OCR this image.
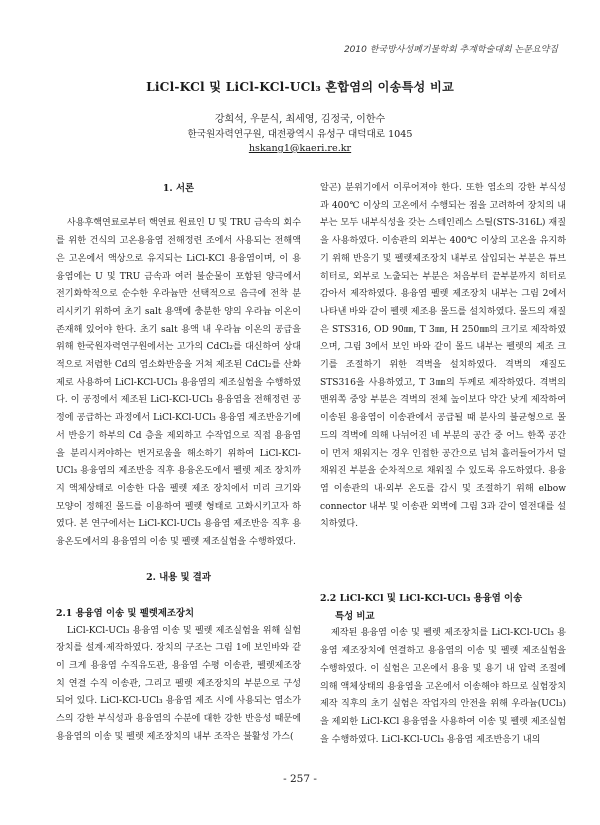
2010 한국방사성폐기물학회 추계학술대회 논문요약집
LiCl-KCl 및 LiCl-KCl-UCl₃ 혼합염의 이송특성 비교
강희석, 우문식, 최세영, 김정국, 이한수
한국원자력연구원, 대전광역시 유성구 대덕대로 1045
hskang1@kaeri.re.kr

1. 서론

사용후핵연료로부터 핵연료 원료인 U 및 TRU 금속의 회수를 위한 건식의 고온용융염 전해정련 조에서 사용되는 전해액은 고온에서 액상으로 유지되는 LiCl-KCl 용융염이며, 이 용융염에는 U 및 TRU 금속과 여러 불순물이 포함된 양극에서 전기화학적으로 순수한 우라늄만 선택적으로 음극에 전착 분리시키기 위하여 초기 salt 용액에 충분한 양의 우라늄 이온이 존재해 있어야 한다. 초기 salt 용액 내 우라늄 이온의 공급을 위해 한국원자력연구원에서는 고가의 CdCl₂를 대신하여 상대적으로 저렴한 Cd의 염소화반응을 거쳐 제조된 CdCl₂를 산화제로 사용하여 LiCl-KCl-UCl₃ 용융염의 제조실험을 수행하였다. 이 공정에서 제조된 LiCl-KCl-UCl₃ 용융염을 전해정련 공정에 공급하는 과정에서 LiCl-KCl-UCl₃ 용융염 제조반응기에서 반응기 하부의 Cd 층을 제외하고 수작업으로 직접 용융염을 분리시켜야하는 번거로움을 해소하기 위하여 LiCl-KCl-UCl₃ 용융염의 제조반응 직후 용융온도에서 펠렛 제조 장치까지 액체상태로 이송한 다음 펠렛 제조 장치에서 미리 크기와 모양이 정해진 몰드를 이용하여 펠렛 형태로 고화시키고자 하였다. 본 연구에서는 LiCl-KCl-UCl₃ 용융염 제조반응 직후 용융온도에서의 용융염의 이송 및 펠렛 제조실험을 수행하였다.

2. 내용 및 결과

2.1 용융염 이송 및 펠렛제조장치

LiCl-KCl-UCl₃ 용융염 이송 및 펠렛 제조실험을 위해 실험장치를 설계·제작하였다. 장치의 구조는 그림 1에 보인바와 같이 크게 용융염 수직유도관, 용융염 수평 이송관, 펠렛제조장치 연결 수직 이송관, 그리고 펠렛 제조장치의 부분으로 구성되어 있다. LiCl-KCl-UCl₃ 용융염 제조 시에 사용되는 염소가스의 강한 부식성과 용융염의 수분에 대한 강한 반응성 때문에 용융염의 이송 및 펠렛 제조장치의 내부 조작은 불활성 가스(

알곤) 분위기에서 이루어져야 한다. 또한 염소의 강한 부식성과 400℃ 이상의 고온에서 수행되는 점을 고려하여 장치의 내부는 모두 내부식성을 갖는 스테인레스 스틸(STS-316L) 재질을 사용하였다. 이송관의 외부는 400℃ 이상의 고온을 유지하기 위해 반응기 및 펠렛제조장치 내부로 삽입되는 부분은 튜브히터로, 외부로 노출되는 부분은 처음부터 끝부분까지 히터로 감아서 제작하였다. 용융염 펠렛 제조장치 내부는 그림 2에서 나타낸 바와 같이 펠렛 제조용 몰드를 설치하였다. 몰드의 재질은 STS316, OD 90㎜, T 3㎜, H 250㎜의 크기로 제작하였으며, 그림 3에서 보인 바와 같이 몰드 내부는 펠렛의 제조 크기를 조절하기 위한 격벽을 설치하였다. 격벽의 재질도 STS316을 사용하였고, T 3㎜의 두께로 제작하였다. 격벽의 맨위쪽 중앙 부분은 격벽의 전체 높이보다 약간 낮게 제작하여 이송된 용융염이 이송관에서 공급될 때 분사의 불균형으로 몰드의 격벽에 의해 나뉘어진 네 부분의 공간 중 어느 한쪽 공간이 먼저 채워지는 경우 인접한 공간으로 넘쳐 흘러들어가서 덜 채워진 부분을 순차적으로 채워질 수 있도록 유도하였다. 용융염 이송관의 내·외부 온도를 감시 및 조절하기 위해 elbow connector 내부 및 이송관 외벽에 그림 3과 같이 열전대를 설치하였다.

2.2 LiCl-KCl 및 LiCl-KCl-UCl₃ 용융염 이송

특성 비교

제작된 용융염 이송 및 펠렛 제조장치를 LiCl-KCl-UCl₃ 용융염 제조장치에 연결하고 용융염의 이송 및 펠렛 제조실험을 수행하였다. 이 실험은 고온에서 용융 및 용기 내 압력 조절에 의해 액체상태의 용융염을 고온에서 이송해야 하므로 실험장치 제작 직후의 초기 실험은 작업자의 안전을 위해 우라늄(UCl₃)을 제외한 LiCl-KCl 용융염을 사용하여 이송 및 펠렛 제조실험을 수행하였다. LiCl-KCl-UCl₃ 용융염 제조반응기 내의

- 257 -
